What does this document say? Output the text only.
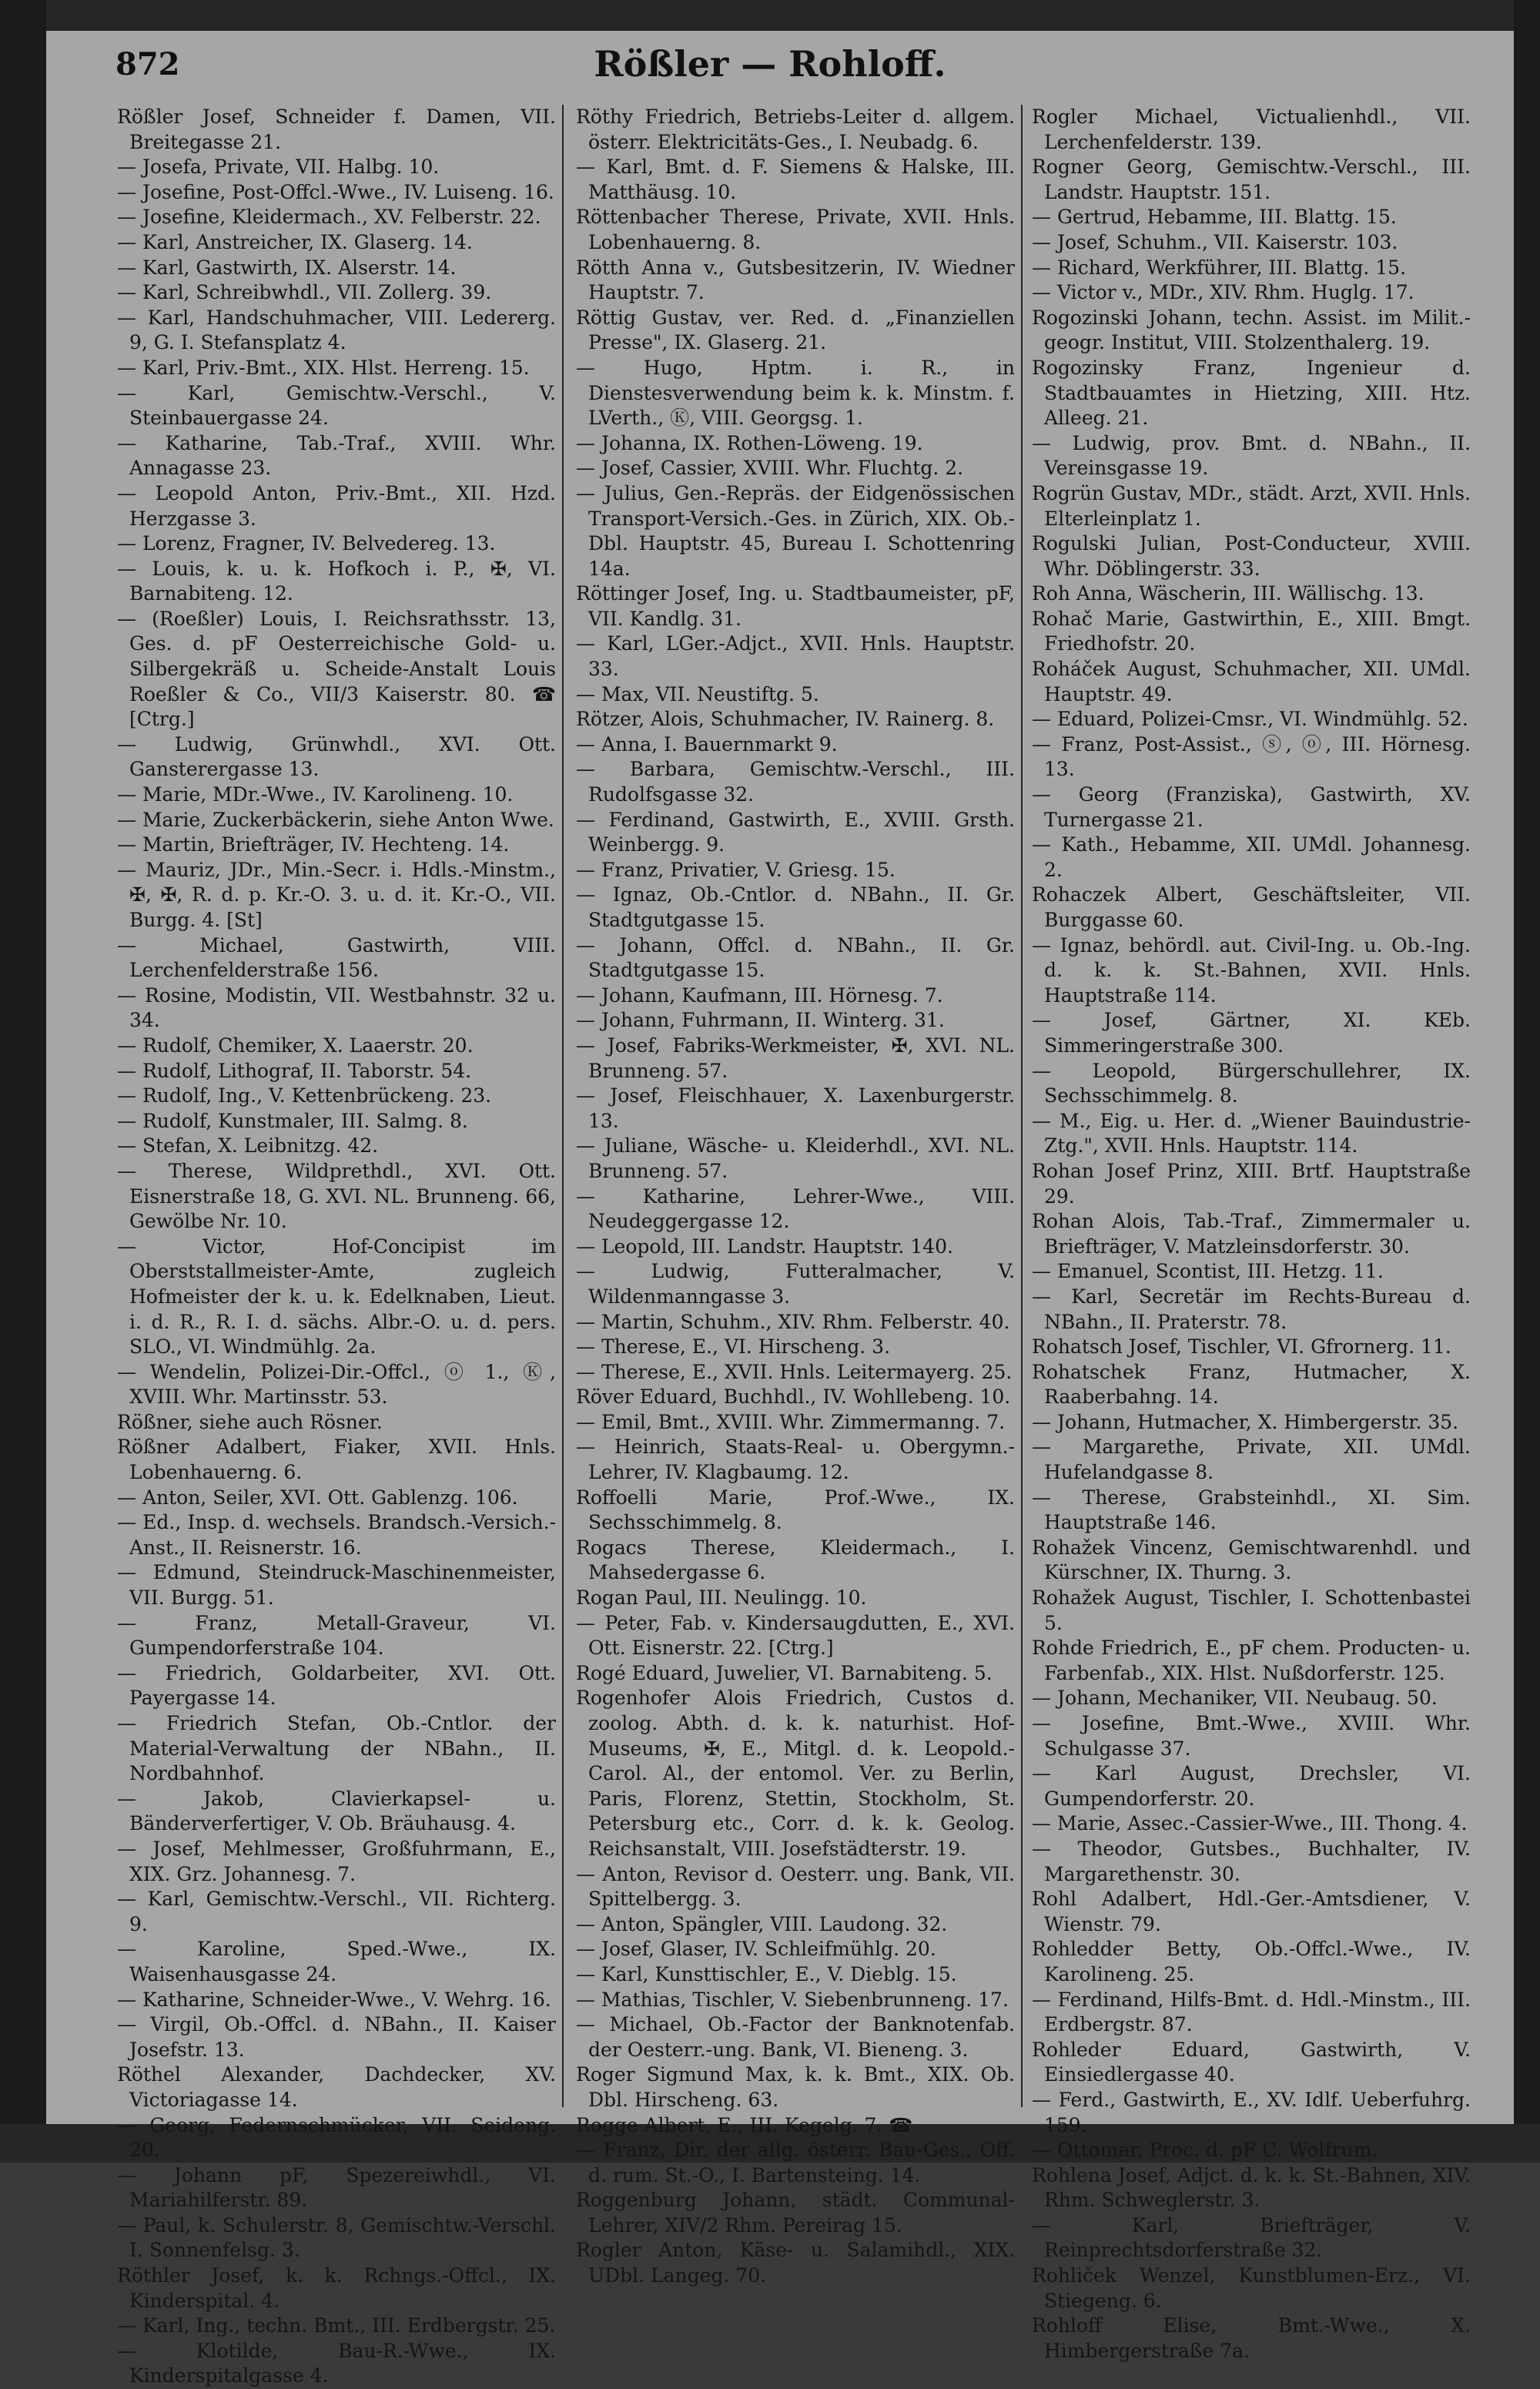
872	Rößler — Rohloff.

Rößler Josef, Schneider f. Damen, VII. Breitegasse 21.

— Josefa, Private, VII. Halbg. 10.

— Josefine, Post-Offcl.-Wwe., IV. Luiseng. 16.

— Josefine, Kleidermach., XV. Felberstr. 22.

— Karl, Anstreicher, IX. Glaserg. 14.

— Karl, Gastwirth, IX. Alserstr. 14.

— Karl, Schreibwhdl., VII. Zollerg. 39.

— Karl, Handschuhmacher, VIII. Ledererg. 9, G. I. Stefansplatz 4.

— Karl, Priv.-Bmt., XIX. Hlst. Herreng. 15.

— Karl, Gemischtw.-Verschl., V. Steinbauergasse 24.

— Katharine, Tab.-Traf., XVIII. Whr. Annagasse 23.

— Leopold Anton, Priv.-Bmt., XII. Hzd. Herzgasse 3.

— Lorenz, Fragner, IV. Belvedereg. 13.

— Louis, k. u. k. Hofkoch i. P., ✠, VI. Barnabiteng. 12.

— (Roeßler) Louis, I. Reichsrathsstr. 13, Ges. d. pF Oesterreichische Gold- u. Silbergekräß u. Scheide-Anstalt Louis Roeßler & Co., VII/3 Kaiserstr. 80. ☎ [Ctrg.]

— Ludwig, Grünwhdl., XVI. Ott. Gansterergasse 13.

— Marie, MDr.-Wwe., IV. Karolineng. 10.

— Marie, Zuckerbäckerin, siehe Anton Wwe.

— Martin, Briefträger, IV. Hechteng. 14.

— Mauriz, JDr., Min.-Secr. i. Hdls.-Minstm., ✠, ✠, R. d. p. Kr.-O. 3. u. d. it. Kr.-O., VII. Burgg. 4. [St]

— Michael, Gastwirth, VIII. Lerchenfelderstraße 156.

— Rosine, Modistin, VII. Westbahnstr. 32 u. 34.

— Rudolf, Chemiker, X. Laaerstr. 20.

— Rudolf, Lithograf, II. Taborstr. 54.

— Rudolf, Ing., V. Kettenbrückeng. 23.

— Rudolf, Kunstmaler, III. Salmg. 8.

— Stefan, X. Leibnitzg. 42.

— Therese, Wildprethdl., XVI. Ott. Eisnerstraße 18, G. XVI. NL. Brunneng. 66, Gewölbe Nr. 10.

— Victor, Hof-Concipist im Oberststallmeister-Amte, zugleich Hofmeister der k. u. k. Edelknaben, Lieut. i. d. R., R. I. d. sächs. Albr.-O. u. d. pers. SLO., VI. Windmühlg. 2a.

— Wendelin, Polizei-Dir.-Offcl., ⓞ 1., Ⓚ, XVIII. Whr. Martinsstr. 53.

Rößner, siehe auch Rösner.

Rößner Adalbert, Fiaker, XVII. Hnls. Lobenhauerng. 6.

— Anton, Seiler, XVI. Ott. Gablenzg. 106.

— Ed., Insp. d. wechsels. Brandsch.-Versich.-Anst., II. Reisnerstr. 16.

— Edmund, Steindruck-Maschinenmeister, VII. Burgg. 51.

— Franz, Metall-Graveur, VI. Gumpendorferstraße 104.

— Friedrich, Goldarbeiter, XVI. Ott. Payergasse 14.

— Friedrich Stefan, Ob.-Cntlor. der Material-Verwaltung der NBahn., II. Nordbahnhof.

— Jakob, Clavierkapsel- u. Bänderverfertiger, V. Ob. Bräuhausg. 4.

— Josef, Mehlmesser, Großfuhrmann, E., XIX. Grz. Johannesg. 7.

— Karl, Gemischtw.-Verschl., VII. Richterg. 9.

— Karoline, Sped.-Wwe., IX. Waisenhausgasse 24.

— Katharine, Schneider-Wwe., V. Wehrg. 16.

— Virgil, Ob.-Offcl. d. NBahn., II. Kaiser Josefstr. 13.

Röthel Alexander, Dachdecker, XV. Victoriagasse 14.

— Georg, Federnschmücker, VII. Seideng. 20.

— Johann pF, Spezereiwhdl., VI. Mariahilferstr. 89.

— Paul, k. Schulerstr. 8, Gemischtw.-Verschl. I. Sonnenfelsg. 3.

Röthler Josef, k. k. Rchngs.-Offcl., IX. Kinderspital. 4.

— Karl, Ing., techn. Bmt., III. Erdbergstr. 25.

— Klotilde, Bau-R.-Wwe., IX. Kinderspitalgasse 4.

Röthy Friedrich, Betriebs-Leiter d. allgem. österr. Elektricitäts-Ges., I. Neubadg. 6.

— Karl, Bmt. d. F. Siemens & Halske, III. Matthäusg. 10.

Röttenbacher Therese, Private, XVII. Hnls. Lobenhauerng. 8.

Rötth Anna v., Gutsbesitzerin, IV. Wiedner Hauptstr. 7.

Röttig Gustav, ver. Red. d. „Finanziellen Presse", IX. Glaserg. 21.

— Hugo, Hptm. i. R., in Dienstesverwendung beim k. k. Minstm. f. LVerth., Ⓚ, VIII. Georgsg. 1.

— Johanna, IX. Rothen-Löweng. 19.

— Josef, Cassier, XVIII. Whr. Fluchtg. 2.

— Julius, Gen.-Repräs. der Eidgenössischen Transport-Versich.-Ges. in Zürich, XIX. Ob.-Dbl. Hauptstr. 45, Bureau I. Schottenring 14a.

Röttinger Josef, Ing. u. Stadtbaumeister, pF, VII. Kandlg. 31.

— Karl, LGer.-Adjct., XVII. Hnls. Hauptstr. 33.

— Max, VII. Neustiftg. 5.

Rötzer, Alois, Schuhmacher, IV. Rainerg. 8.

— Anna, I. Bauernmarkt 9.

— Barbara, Gemischtw.-Verschl., III. Rudolfsgasse 32.

— Ferdinand, Gastwirth, E., XVIII. Grsth. Weinbergg. 9.

— Franz, Privatier, V. Griesg. 15.

— Ignaz, Ob.-Cntlor. d. NBahn., II. Gr. Stadtgutgasse 15.

— Johann, Offcl. d. NBahn., II. Gr. Stadtgutgasse 15.

— Johann, Kaufmann, III. Hörnesg. 7.

— Johann, Fuhrmann, II. Winterg. 31.

— Josef, Fabriks-Werkmeister, ✠, XVI. NL. Brunneng. 57.

— Josef, Fleischhauer, X. Laxenburgerstr. 13.

— Juliane, Wäsche- u. Kleiderhdl., XVI. NL. Brunneng. 57.

— Katharine, Lehrer-Wwe., VIII. Neudeggergasse 12.

— Leopold, III. Landstr. Hauptstr. 140.

— Ludwig, Futteralmacher, V. Wildenmanngasse 3.

— Martin, Schuhm., XIV. Rhm. Felberstr. 40.

— Therese, E., VI. Hirscheng. 3.

— Therese, E., XVII. Hnls. Leitermayerg. 25.

Röver Eduard, Buchhdl., IV. Wohllebeng. 10.

— Emil, Bmt., XVIII. Whr. Zimmermanng. 7.

— Heinrich, Staats-Real- u. Obergymn.-Lehrer, IV. Klagbaumg. 12.

Roffoelli Marie, Prof.-Wwe., IX. Sechsschimmelg. 8.

Rogacs Therese, Kleidermach., I. Mahsedergasse 6.

Rogan Paul, III. Neulingg. 10.

— Peter, Fab. v. Kindersaugdutten, E., XVI. Ott. Eisnerstr. 22. [Ctrg.]

Rogé Eduard, Juwelier, VI. Barnabiteng. 5.

Rogenhofer Alois Friedrich, Custos d. zoolog. Abth. d. k. k. naturhist. Hof-Museums, ✠, E., Mitgl. d. k. Leopold.-Carol. Al., der entomol. Ver. zu Berlin, Paris, Florenz, Stettin, Stockholm, St. Petersburg etc., Corr. d. k. k. Geolog. Reichsanstalt, VIII. Josefstädterstr. 19.

— Anton, Revisor d. Oesterr. ung. Bank, VII. Spittelbergg. 3.

— Anton, Spängler, VIII. Laudong. 32.

— Josef, Glaser, IV. Schleifmühlg. 20.

— Karl, Kunsttischler, E., V. Dieblg. 15.

— Mathias, Tischler, V. Siebenbrunneng. 17.

— Michael, Ob.-Factor der Banknotenfab. der Oesterr.-ung. Bank, VI. Bieneng. 3.

Roger Sigmund Max, k. k. Bmt., XIX. Ob. Dbl. Hirscheng. 63.

Rogge Albert, E., III. Kegelg. 7. ☎

— Franz, Dir. der allg. österr. Bau-Ges., Off. d. rum. St.-O., I. Bartensteing. 14.

Roggenburg Johann, städt. Communal-Lehrer, XIV/2 Rhm. Pereirag 15.

Rogler Anton, Käse- u. Salamihdl., XIX. UDbl. Langeg. 70.

Rogler Michael, Victualienhdl., VII. Lerchenfelderstr. 139.

Rogner Georg, Gemischtw.-Verschl., III. Landstr. Hauptstr. 151.

— Gertrud, Hebamme, III. Blattg. 15.

— Josef, Schuhm., VII. Kaiserstr. 103.

— Richard, Werkführer, III. Blattg. 15.

— Victor v., MDr., XIV. Rhm. Huglg. 17.

Rogozinski Johann, techn. Assist. im Milit.-geogr. Institut, VIII. Stolzenthalerg. 19.

Rogozinsky Franz, Ingenieur d. Stadtbauamtes in Hietzing, XIII. Htz. Alleeg. 21.

— Ludwig, prov. Bmt. d. NBahn., II. Vereinsgasse 19.

Rogrün Gustav, MDr., städt. Arzt, XVII. Hnls. Elterleinplatz 1.

Rogulski Julian, Post-Conducteur, XVIII. Whr. Döblingerstr. 33.

Roh Anna, Wäscherin, III. Wällischg. 13.

Rohač Marie, Gastwirthin, E., XIII. Bmgt. Friedhofstr. 20.

Roháček August, Schuhmacher, XII. UMdl. Hauptstr. 49.

— Eduard, Polizei-Cmsr., VI. Windmühlg. 52.

— Franz, Post-Assist., ⓢ, ⓞ, III. Hörnesg. 13.

— Georg (Franziska), Gastwirth, XV. Turnergasse 21.

— Kath., Hebamme, XII. UMdl. Johannesg. 2.

Rohaczek Albert, Geschäftsleiter, VII. Burggasse 60.

— Ignaz, behördl. aut. Civil-Ing. u. Ob.-Ing. d. k. k. St.-Bahnen, XVII. Hnls. Hauptstraße 114.

— Josef, Gärtner, XI. KEb. Simmeringerstraße 300.

— Leopold, Bürgerschullehrer, IX. Sechsschimmelg. 8.

— M., Eig. u. Her. d. „Wiener Bauindustrie-Ztg.", XVII. Hnls. Hauptstr. 114.

Rohan Josef Prinz, XIII. Brtf. Hauptstraße 29.

Rohan Alois, Tab.-Traf., Zimmermaler u. Briefträger, V. Matzleinsdorferstr. 30.

— Emanuel, Scontist, III. Hetzg. 11.

— Karl, Secretär im Rechts-Bureau d. NBahn., II. Praterstr. 78.

Rohatsch Josef, Tischler, VI. Gfrornerg. 11.

Rohatschek Franz, Hutmacher, X. Raaberbahng. 14.

— Johann, Hutmacher, X. Himbergerstr. 35.

— Margarethe, Private, XII. UMdl. Hufelandgasse 8.

— Therese, Grabsteinhdl., XI. Sim. Hauptstraße 146.

Rohažek Vincenz, Gemischtwarenhdl. und Kürschner, IX. Thurng. 3.

Rohažek August, Tischler, I. Schottenbastei 5.

Rohde Friedrich, E., pF chem. Producten- u. Farbenfab., XIX. Hlst. Nußdorferstr. 125.

— Johann, Mechaniker, VII. Neubaug. 50.

— Josefine, Bmt.-Wwe., XVIII. Whr. Schulgasse 37.

— Karl August, Drechsler, VI. Gumpendorferstr. 20.

— Marie, Assec.-Cassier-Wwe., III. Thong. 4.

— Theodor, Gutsbes., Buchhalter, IV. Margarethenstr. 30.

Rohl Adalbert, Hdl.-Ger.-Amtsdiener, V. Wienstr. 79.

Rohledder Betty, Ob.-Offcl.-Wwe., IV. Karolineng. 25.

— Ferdinand, Hilfs-Bmt. d. Hdl.-Minstm., III. Erdbergstr. 87.

Rohleder Eduard, Gastwirth, V. Einsiedlergasse 40.

— Ferd., Gastwirth, E., XV. Idlf. Ueberfuhrg. 159.

— Ottomar, Proc. d. pF C. Wolfrum.

Rohlena Josef, Adjct. d. k. k. St.-Bahnen, XIV. Rhm. Schweglerstr. 3.

— Karl, Briefträger, V. Reinprechtsdorferstraße 32.

Rohliček Wenzel, Kunstblumen-Erz., VI. Stiegeng. 6.

Rohloff Elise, Bmt.-Wwe., X. Himbergerstraße 7a.
